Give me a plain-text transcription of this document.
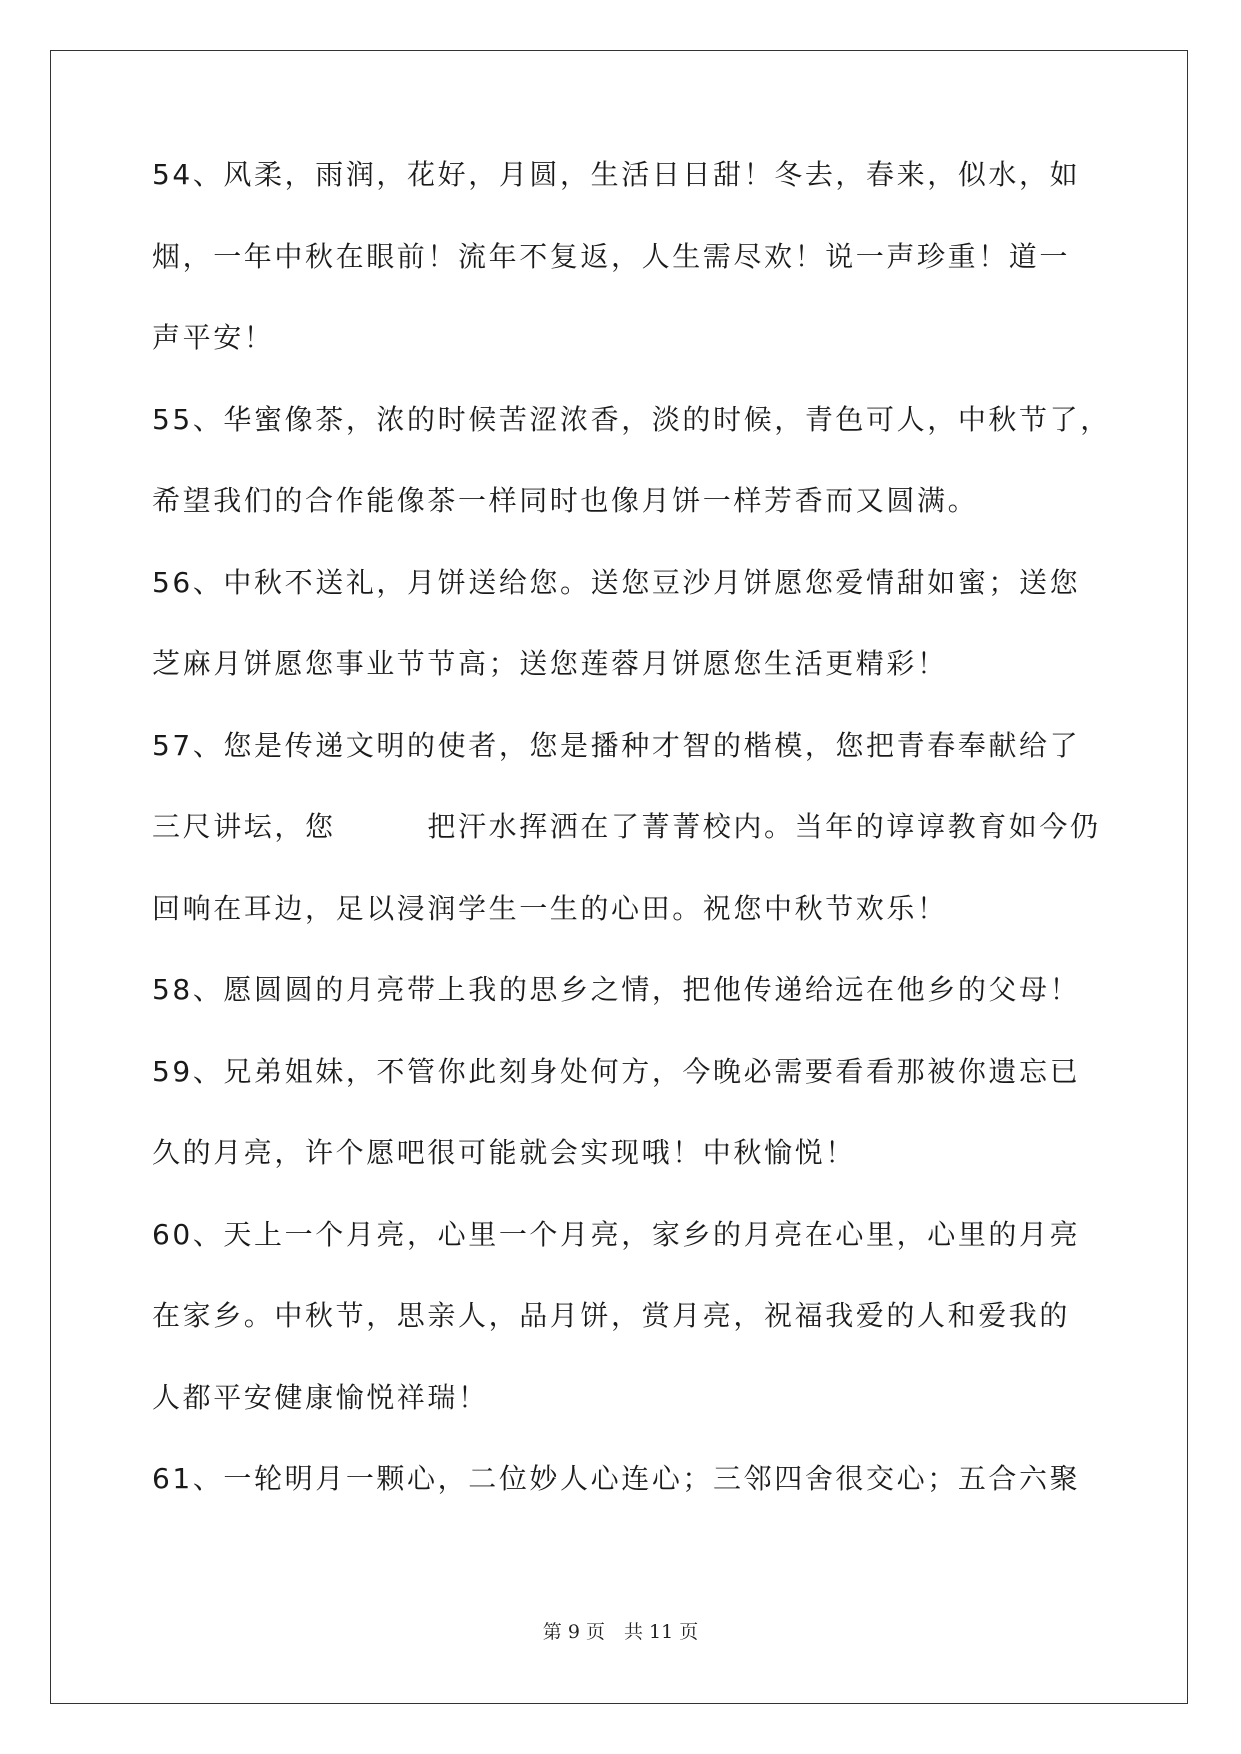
54、风柔，雨润，花好，月圆，生活日日甜！冬去，春来，似水，如
烟，一年中秋在眼前！流年不复返，人生需尽欢！说一声珍重！道一
声平安！
55、华蜜像茶，浓的时候苦涩浓香，淡的时候，青色可人，中秋节了，
希望我们的合作能像茶一样同时也像月饼一样芳香而又圆满。
56、中秋不送礼，月饼送给您。送您豆沙月饼愿您爱情甜如蜜；送您
芝麻月饼愿您事业节节高；送您莲蓉月饼愿您生活更精彩！
57、您是传递文明的使者，您是播种才智的楷模，您把青春奉献给了
三尺讲坛，您　　　把汗水挥洒在了菁菁校内。当年的谆谆教育如今仍
回响在耳边，足以浸润学生一生的心田。祝您中秋节欢乐！
58、愿圆圆的月亮带上我的思乡之情，把他传递给远在他乡的父母！
59、兄弟姐妹，不管你此刻身处何方，今晚必需要看看那被你遗忘已
久的月亮，许个愿吧很可能就会实现哦！中秋愉悦！
60、天上一个月亮，心里一个月亮，家乡的月亮在心里，心里的月亮
在家乡。中秋节，思亲人，品月饼，赏月亮，祝福我爱的人和爱我的
人都平安健康愉悦祥瑞！
61、一轮明月一颗心，二位妙人心连心；三邻四舍很交心；五合六聚
第 9 页　共 11 页
